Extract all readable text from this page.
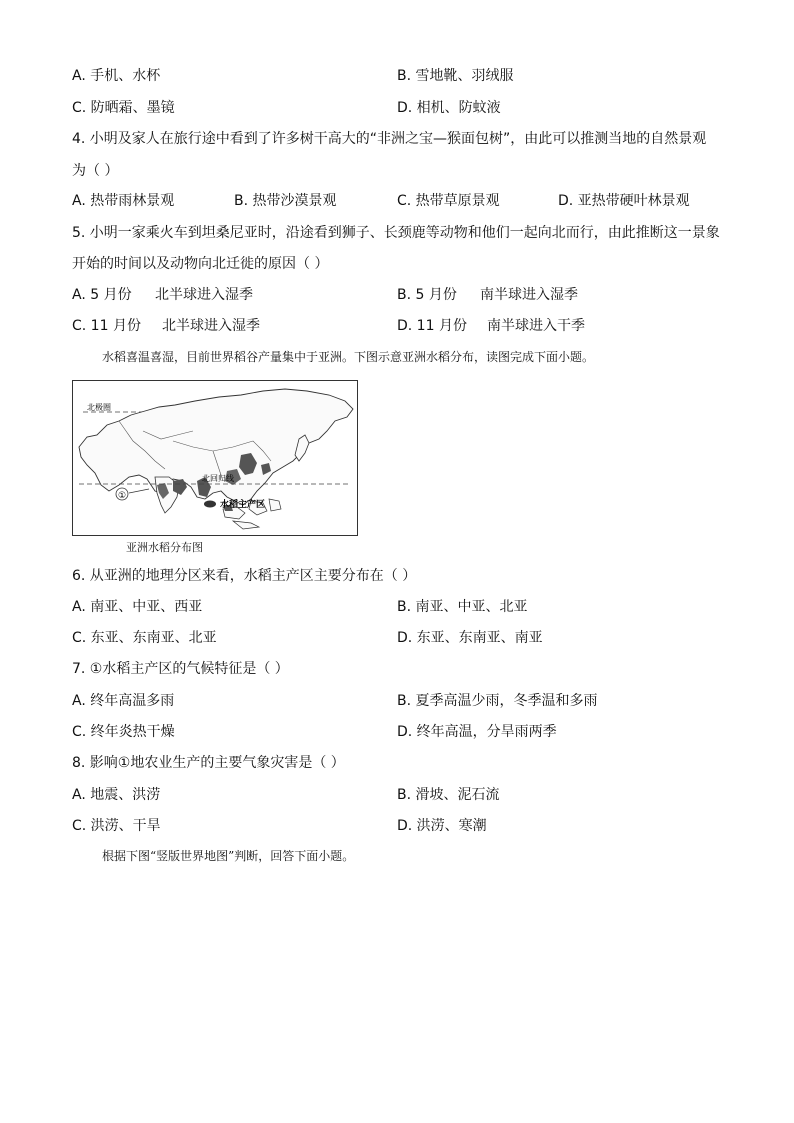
A. 手机、水杯	B. 雪地靴、羽绒服
C. 防晒霜、墨镜	D. 相机、防蚊液
4. 小明及家人在旅行途中看到了许多树干高大的“非洲之宝—猴面包树”，由此可以推测当地的自然景观
为（ ）
A. 热带雨林景观	B. 热带沙漠景观	C. 热带草原景观	D. 亚热带硬叶林景观
5. 小明一家乘火车到坦桑尼亚时，沿途看到狮子、长颈鹿等动物和他们一起向北而行，由此推断这一景象
开始的时间以及动物向北迁徙的原因（ ）
A. 5 月份 北半球进入湿季	B. 5 月份 南半球进入湿季
C. 11 月份 北半球进入湿季	D. 11 月份 南半球进入干季
水稻喜温喜湿，目前世界稻谷产量集中于亚洲。下图示意亚洲水稻分布，读图完成下面小题。
北极圈
北回归线
①
水稻主产区
亚洲水稻分布图
6. 从亚洲的地理分区来看，水稻主产区主要分布在（ ）
A. 南亚、中亚、西亚	B. 南亚、中亚、北亚
C. 东亚、东南亚、北亚	D. 东亚、东南亚、南亚
7. ①水稻主产区的气候特征是（ ）
A. 终年高温多雨	B. 夏季高温少雨，冬季温和多雨
C. 终年炎热干燥	D. 终年高温，分旱雨两季
8. 影响①地农业生产的主要气象灾害是（ ）
A. 地震、洪涝	B. 滑坡、泥石流
C. 洪涝、干旱	D. 洪涝、寒潮
根据下图“竖版世界地图”判断，回答下面小题。
